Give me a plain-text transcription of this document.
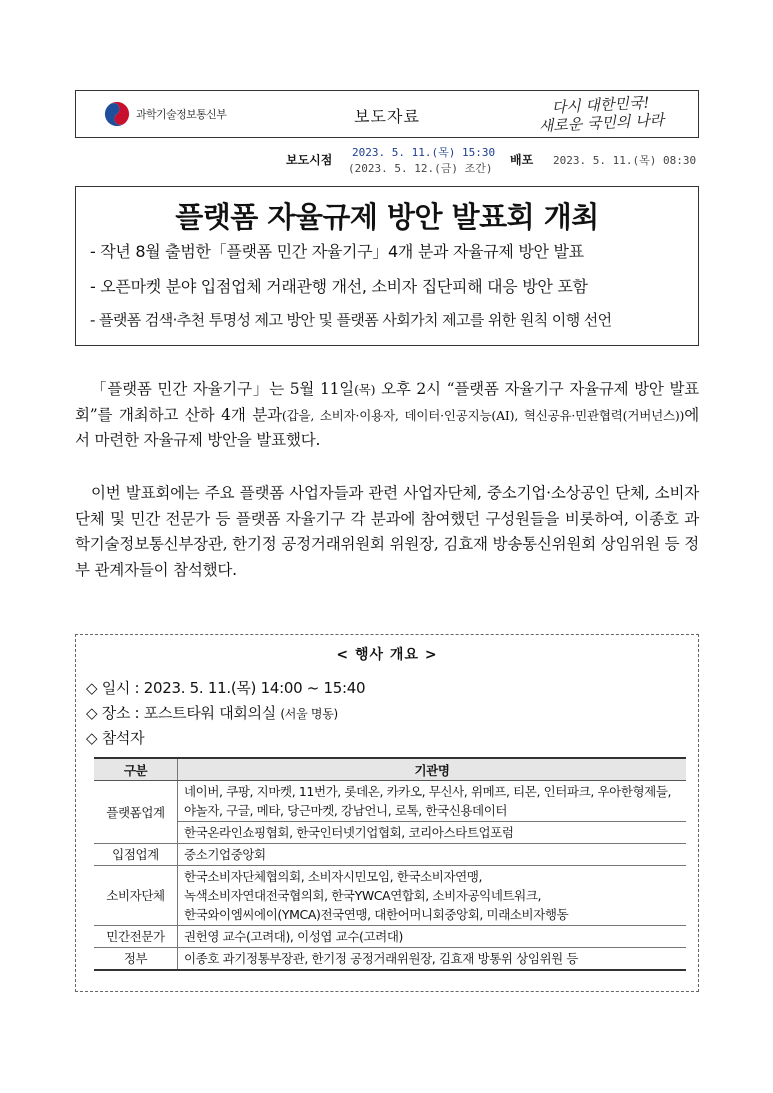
과학기술정보통신부	보도자료	다시 대한민국!
새로운 국민의 나라
보도시점
2023. 5. 11.(목) 15:30
(2023. 5. 12.(금) 조간)
배포 2023. 5. 11.(목) 08:30
플랫폼 자율규제 방안 발표회 개최
- 작년 8월 출범한「플랫폼 민간 자율기구」4개 분과 자율규제 방안 발표
- 오픈마켓 분야 입점업체 거래관행 개선, 소비자 집단피해 대응 방안 포함
- 플랫폼 검색·추천 투명성 제고 방안 및 플랫폼 사회가치 제고를 위한 원칙 이행 선언
「플랫폼 민간 자율기구」는 5월 11일(목) 오후 2시 “플랫폼 자율기구 자율규제 방안 발표회”를 개최하고 산하 4개 분과(갑을, 소비자·이용자, 데이터·인공지능(AI), 혁신공유·민관협력(거버넌스))에서 마련한 자율규제 방안을 발표했다.
이번 발표회에는 주요 플랫폼 사업자들과 관련 사업자단체, 중소기업·소상공인 단체, 소비자단체 및 민간 전문가 등 플랫폼 자율기구 각 분과에 참여했던 구성원들을 비롯하여, 이종호 과학기술정보통신부장관, 한기정 공정거래위원회 위원장, 김효재 방송통신위원회 상임위원 등 정부 관계자들이 참석했다.
< 행사 개요 >
◇ 일시 : 2023. 5. 11.(목) 14:00 ~ 15:40
◇ 장소 : 포스트타워 대회의실 (서울 명동)
◇ 참석자
구분	기관명
플랫폼업계	네이버, 쿠팡, 지마켓, 11번가, 롯데온, 카카오, 무신사, 위메프, 티몬, 인터파크, 우아한형제들, 야놀자, 구글, 메타, 당근마켓, 강남언니, 로톡, 한국신용데이터
	한국온라인쇼핑협회, 한국인터넷기업협회, 코리아스타트업포럼
입점업계	중소기업중앙회
소비자단체	한국소비자단체협의회, 소비자시민모임, 한국소비자연맹,
녹색소비자연대전국협의회, 한국YWCA연합회, 소비자공익네트워크,
한국와이엠씨에이(YMCA)전국연맹, 대한어머니회중앙회, 미래소비자행동

민간전문가	권헌영 교수(고려대), 이성엽 교수(고려대)
정부	이종호 과기정통부장관, 한기정 공정거래위원장, 김효재 방통위 상임위원 등
